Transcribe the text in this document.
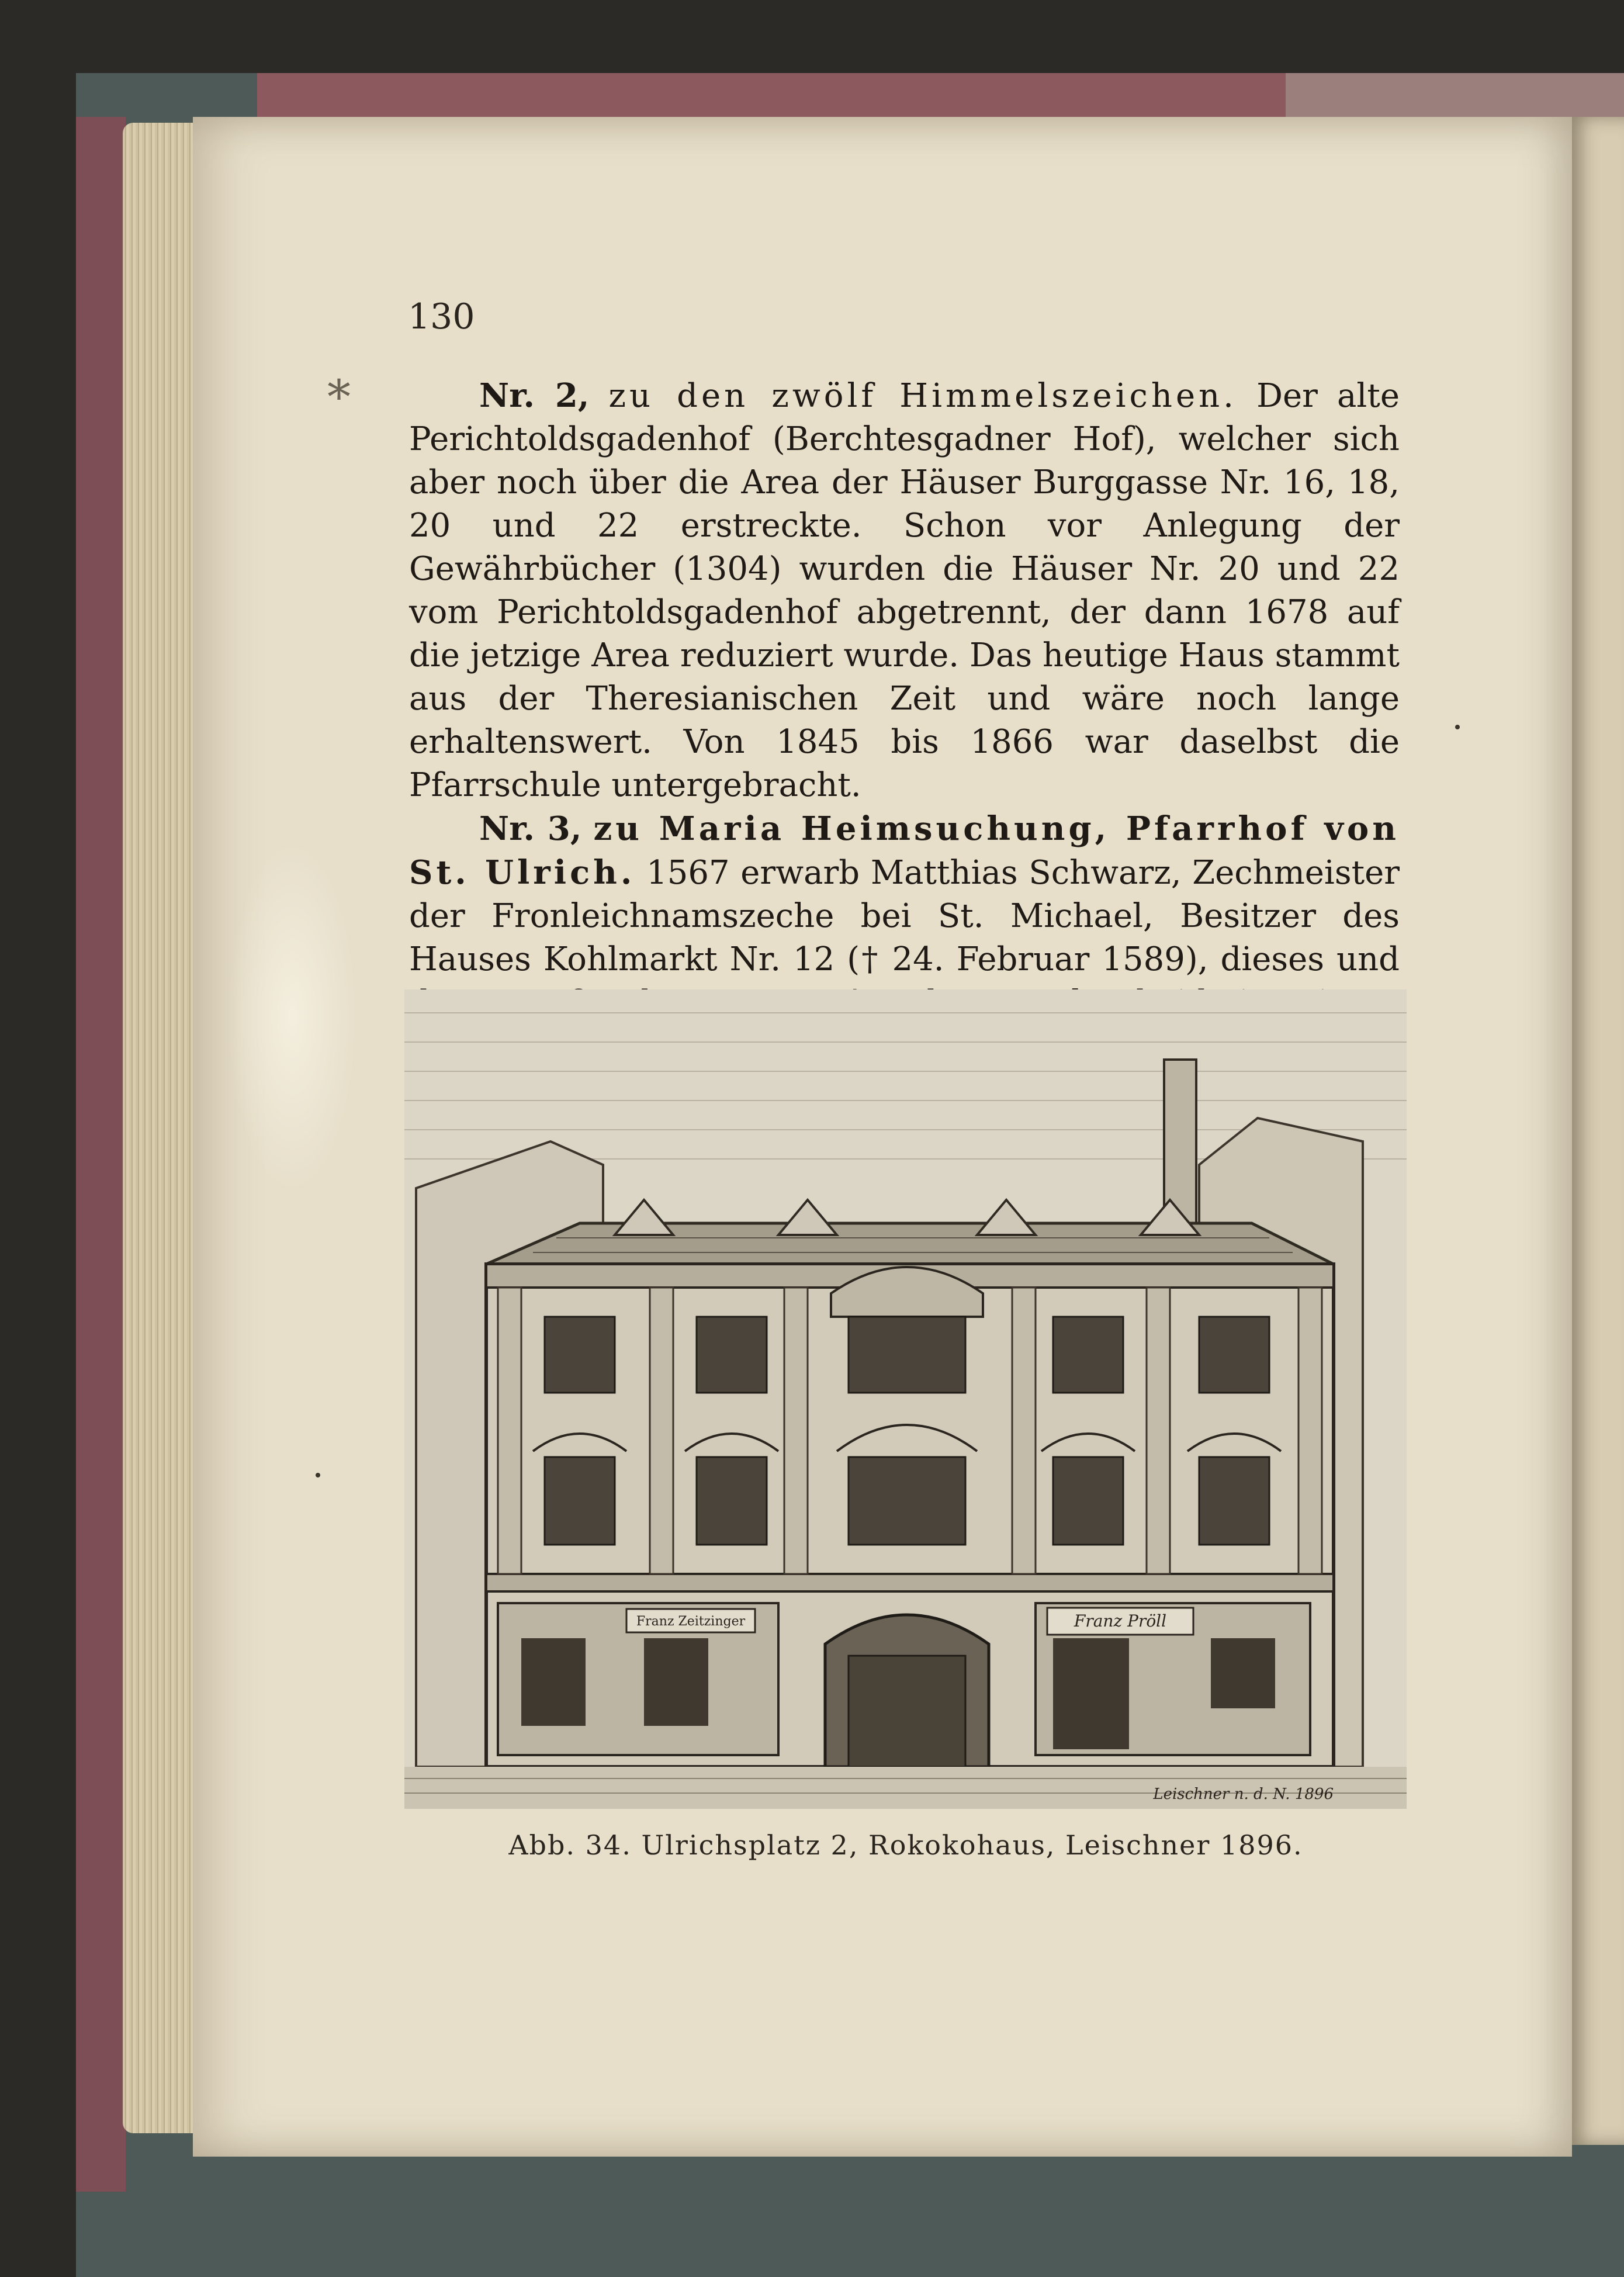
130
*	Nr. 2, zu den zwölf Himmelszeichen. Der alte Perichtoldsgadenhof (Berchtesgadner Hof), welcher sich aber noch über die Area der Häuser Burggasse Nr. 16, 18, 20 und 22 erstreckte. Schon vor Anlegung der Gewährbücher (1304) wurden die Häuser Nr. 20 und 22 vom Perichtoldsgadenhof abgetrennt, der dann 1678 auf die jetzige Area reduziert wurde. Das heutige Haus stammt aus der Theresianischen Zeit und wäre noch lange erhaltenswert. Von 1845 bis 1866 war daselbst die Pfarrschule untergebracht.

Nr. 3, zu Maria Heimsuchung, Pfarrhof von St. Ulrich. 1567 erwarb Matthias Schwarz, Zechmeister der Fronleichnamszeche bei St. Michael, Besitzer des Hauses Kohlmarkt Nr. 12 († 24. Februar 1589), dieses und

Franz Zeitzinger	Franz Pröll
Leischner n. d. N. 1896
Abb. 34. Ulrichsplatz 2, Rokokohaus, Leischner 1896.
